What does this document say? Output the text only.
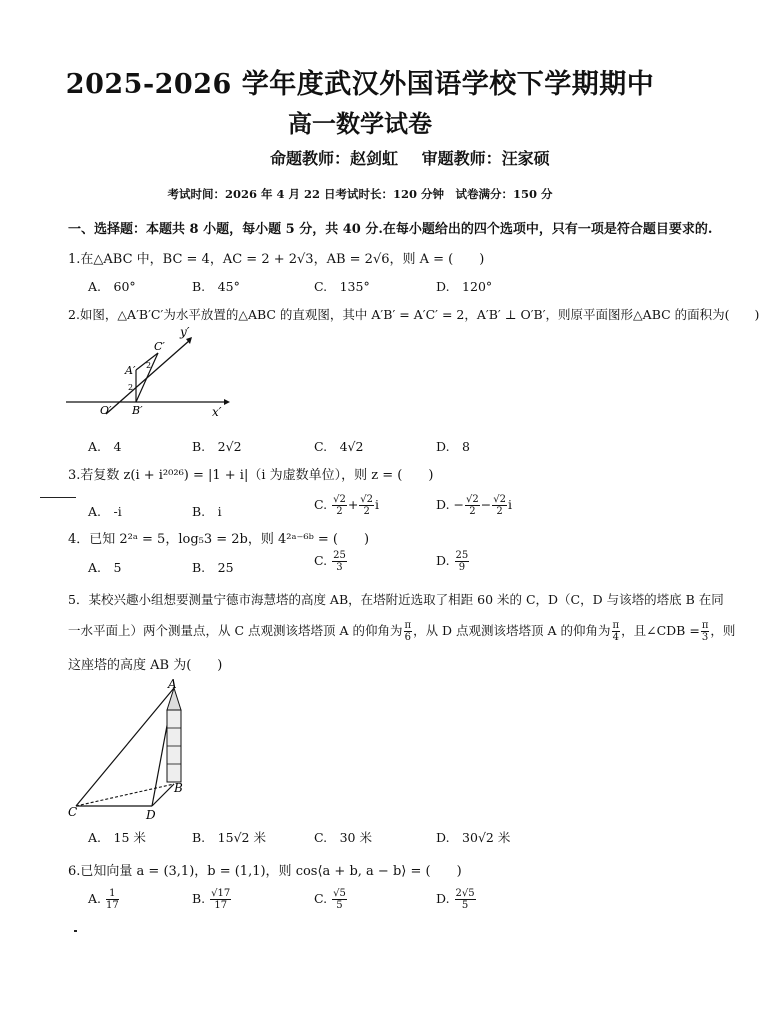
2025-2026 学年度武汉外国语学校下学期期中
高一数学试卷
命题教师：赵剑虹 审题教师：汪家硕
考试时间：2026 年 4 月 22 日考试时长：120 分钟　试卷满分：150 分
一、选择题：本题共 8 小题，每小题 5 分，共 40 分.在每小题给出的四个选项中，只有一项是符合题目要求的.
1.在△ABC 中，BC = 4，AC = 2 + 2√3，AB = 2√6，则 A = (　　)
A.　60°	B.　45°	C.　135°	D.　120°
2.如图，△A′B′C′为水平放置的△ABC 的直观图，其中 A′B′ = A′C′ = 2，A′B′ ⊥ O′B′，则原平面图形△ABC 的面积为(　　)
y′
x′
O′
A′
B′
C′
2
2
A.　4	B.　2√2	C.　4√2	D.　8
3.若复数 z(i + i²⁰²⁶) = |1 + i|（i 为虚数单位），则 z = (　　)
A.　-i	B.　i	C. $\frac{√2}{2} + \frac{√2}{2}$ i	D. − $\frac{√2}{2} - \frac{√2}{2}$ i
4．已知 2²ᵃ = 5，log₅3 = 2b，则 4²ᵃ⁻⁶ᵇ = (　　)
A.　5	B.　25	C. $\frac{25}{3}$	D. $\frac{25}{9}$
5．某校兴趣小组想要测量宁德市海慧塔的高度 AB，在塔附近选取了相距 60 米的 C，D（C，D 与该塔的塔底 B 在同
一水平面上）两个测量点，从 C 点观测该塔塔顶 A 的仰角为 $\frac{\pi}{6}$ ，从 D 点观测该塔塔顶 A 的仰角为 $\frac{\pi}{4}$ ，且∠CDB = $\frac{\pi}{3}$ ，则
这座塔的高度 AB 为(　　)
A
B
C	D
A.　15 米	B.　15√2 米	C.　30 米	D.　30√2 米
6.已知向量 a = (3,1)，b = (1,1)，则 cos⟨a + b, a − b⟩ = (　　)
A. $\frac{1}{17}$	B. $\frac{√17}{17}$	C. $\frac{√5}{5}$	D. $\frac{2√5}{5}$
